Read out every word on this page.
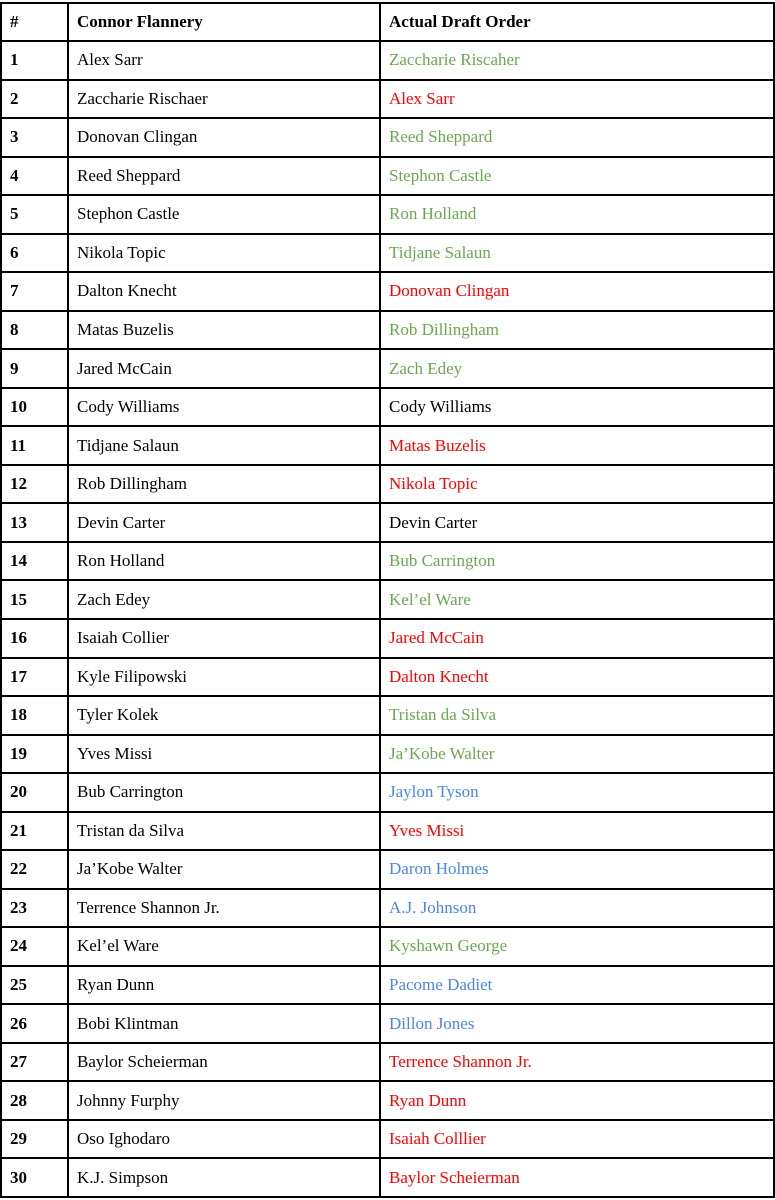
#	Connor Flannery	Actual Draft Order
1	Alex Sarr	Zaccharie Riscaher
2	Zaccharie Rischaer	Alex Sarr
3	Donovan Clingan	Reed Sheppard
4	Reed Sheppard	Stephon Castle
5	Stephon Castle	Ron Holland
6	Nikola Topic	Tidjane Salaun
7	Dalton Knecht	Donovan Clingan
8	Matas Buzelis	Rob Dillingham
9	Jared McCain	Zach Edey
10	Cody Williams	Cody Williams
11	Tidjane Salaun	Matas Buzelis
12	Rob Dillingham	Nikola Topic
13	Devin Carter	Devin Carter
14	Ron Holland	Bub Carrington
15	Zach Edey	Kel’el Ware
16	Isaiah Collier	Jared McCain
17	Kyle Filipowski	Dalton Knecht
18	Tyler Kolek	Tristan da Silva
19	Yves Missi	Ja’Kobe Walter
20	Bub Carrington	Jaylon Tyson
21	Tristan da Silva	Yves Missi
22	Ja’Kobe Walter	Daron Holmes
23	Terrence Shannon Jr.	A.J. Johnson
24	Kel’el Ware	Kyshawn George
25	Ryan Dunn	Pacome Dadiet
26	Bobi Klintman	Dillon Jones
27	Baylor Scheierman	Terrence Shannon Jr.
28	Johnny Furphy	Ryan Dunn
29	Oso Ighodaro	Isaiah Colllier
30	K.J. Simpson	Baylor Scheierman
